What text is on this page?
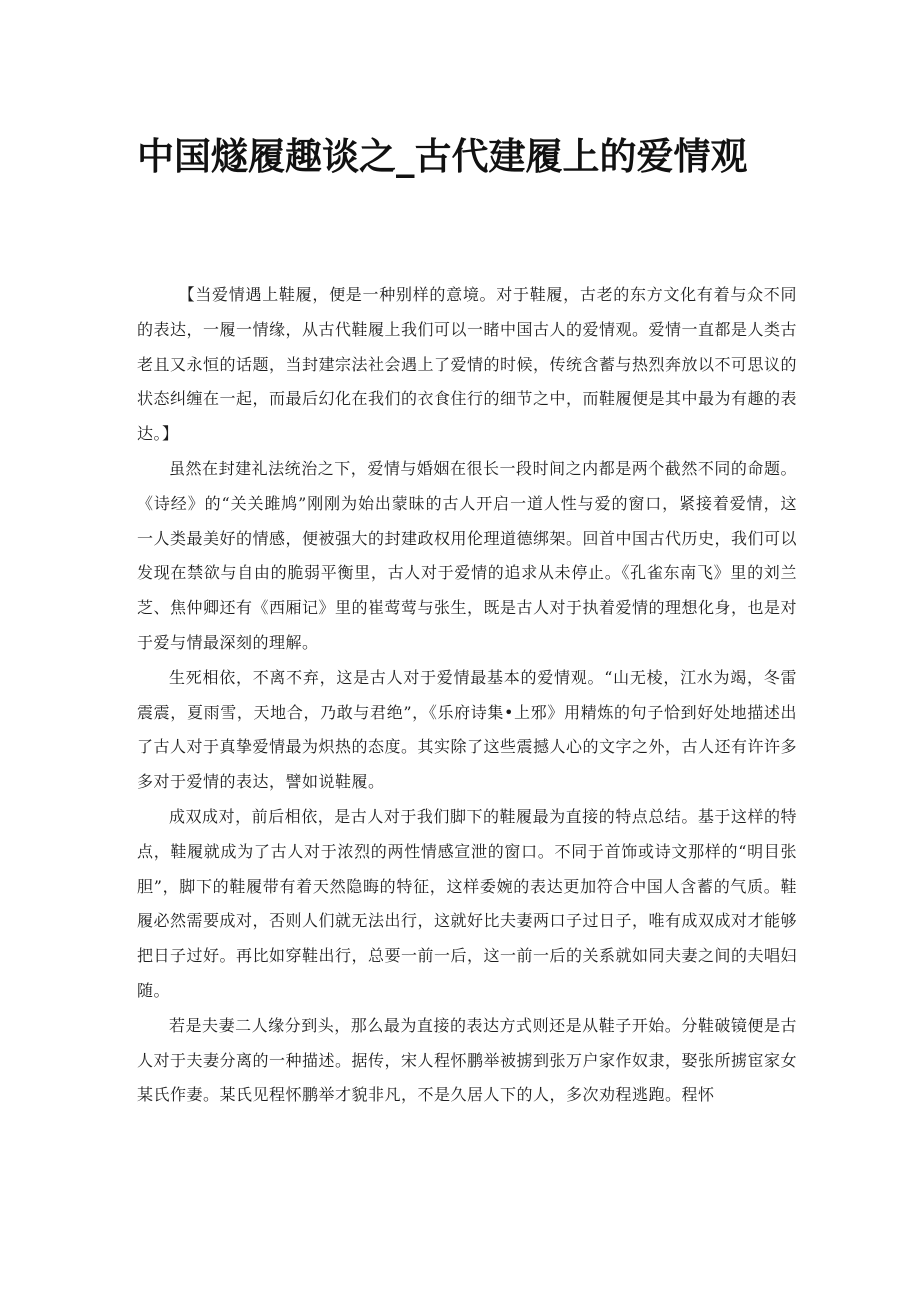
中国燧履趣谈之_古代建履上的爱情观

【当爱情遇上鞋履，便是一种别样的意境。对于鞋履，古老的东方文化有着与众不同的表达，一履一情缘，从古代鞋履上我们可以一睹中国古人的爱情观。爱情一直都是人类古老且又永恒的话题，当封建宗法社会遇上了爱情的时候，传统含蓄与热烈奔放以不可思议的状态纠缠在一起，而最后幻化在我们的衣食住行的细节之中，而鞋履便是其中最为有趣的表达。】

虽然在封建礼法统治之下，爱情与婚姻在很长一段时间之内都是两个截然不同的命题。《诗经》的“关关雎鸠”刚刚为始出蒙昧的古人开启一道人性与爱的窗口，紧接着爱情，这一人类最美好的情感，便被强大的封建政权用伦理道德绑架。回首中国古代历史，我们可以发现在禁欲与自由的脆弱平衡里，古人对于爱情的追求从未停止。《孔雀东南飞》里的刘兰芝、焦仲卿还有《西厢记》里的崔莺莺与张生，既是古人对于执着爱情的理想化身，也是对于爱与情最深刻的理解。

生死相依，不离不弃，这是古人对于爱情最基本的爱情观。“山无棱，江水为竭，冬雷震震，夏雨雪，天地合，乃敢与君绝”，《乐府诗集•上邪》用精炼的句子恰到好处地描述出了古人对于真挚爱情最为炽热的态度。其实除了这些震撼人心的文字之外，古人还有许许多多对于爱情的表达，譬如说鞋履。

成双成对，前后相依，是古人对于我们脚下的鞋履最为直接的特点总结。基于这样的特点，鞋履就成为了古人对于浓烈的两性情感宣泄的窗口。不同于首饰或诗文那样的“明目张胆”，脚下的鞋履带有着天然隐晦的特征，这样委婉的表达更加符合中国人含蓄的气质。鞋履必然需要成对，否则人们就无法出行，这就好比夫妻两口子过日子，唯有成双成对才能够把日子过好。再比如穿鞋出行，总要一前一后，这一前一后的关系就如同夫妻之间的夫唱妇随。

若是夫妻二人缘分到头，那么最为直接的表达方式则还是从鞋子开始。分鞋破镜便是古人对于夫妻分离的一种描述。据传，宋人程怀鹏举被掳到张万户家作奴隶，娶张所掳宦家女某氏作妻。某氏见程怀鹏举才貌非凡，不是久居人下的人，多次劝程逃跑。程怀
